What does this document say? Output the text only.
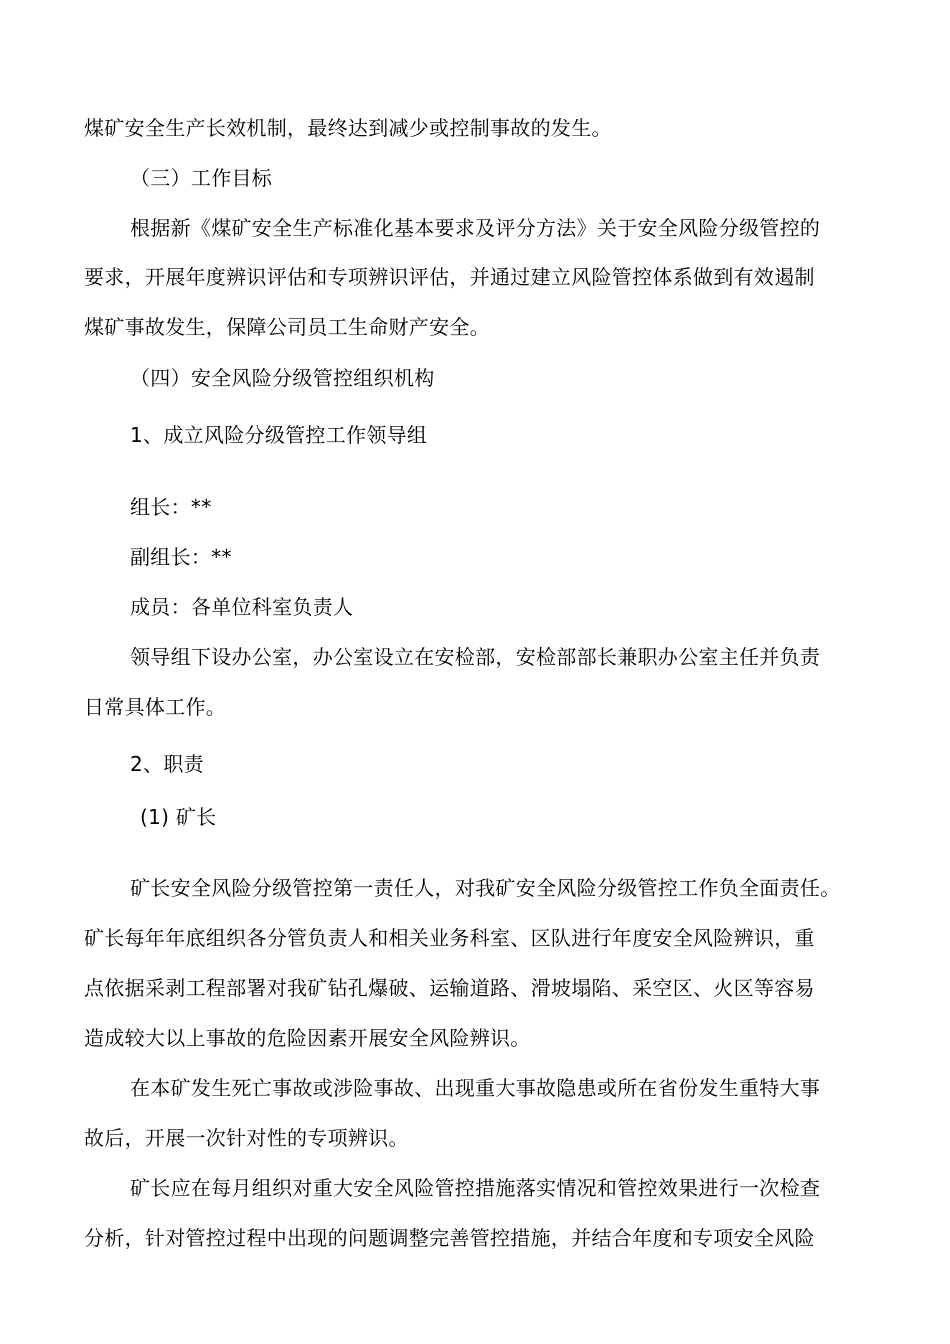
煤矿安全生产长效机制，最终达到减少或控制事故的发生。
（三）工作目标
根据新《煤矿安全生产标准化基本要求及评分方法》关于安全风险分级管控的
要求，开展年度辨识评估和专项辨识评估，并通过建立风险管控体系做到有效遏制
煤矿事故发生，保障公司员工生命财产安全。
（四）安全风险分级管控组织机构
1、成立风险分级管控工作领导组
组长：**
副组长：**
成员：各单位科室负责人
领导组下设办公室，办公室设立在安检部，安检部部长兼职办公室主任并负责
日常具体工作。
2、职责
(1) 矿长
矿长安全风险分级管控第一责任人，对我矿安全风险分级管控工作负全面责任。
矿长每年年底组织各分管负责人和相关业务科室、区队进行年度安全风险辨识，重
点依据采剥工程部署对我矿钻孔爆破、运输道路、滑坡塌陷、采空区、火区等容易
造成较大以上事故的危险因素开展安全风险辨识。
在本矿发生死亡事故或涉险事故、出现重大事故隐患或所在省份发生重特大事
故后，开展一次针对性的专项辨识。
矿长应在每月组织对重大安全风险管控措施落实情况和管控效果进行一次检查
分析，针对管控过程中出现的问题调整完善管控措施，并结合年度和专项安全风险
